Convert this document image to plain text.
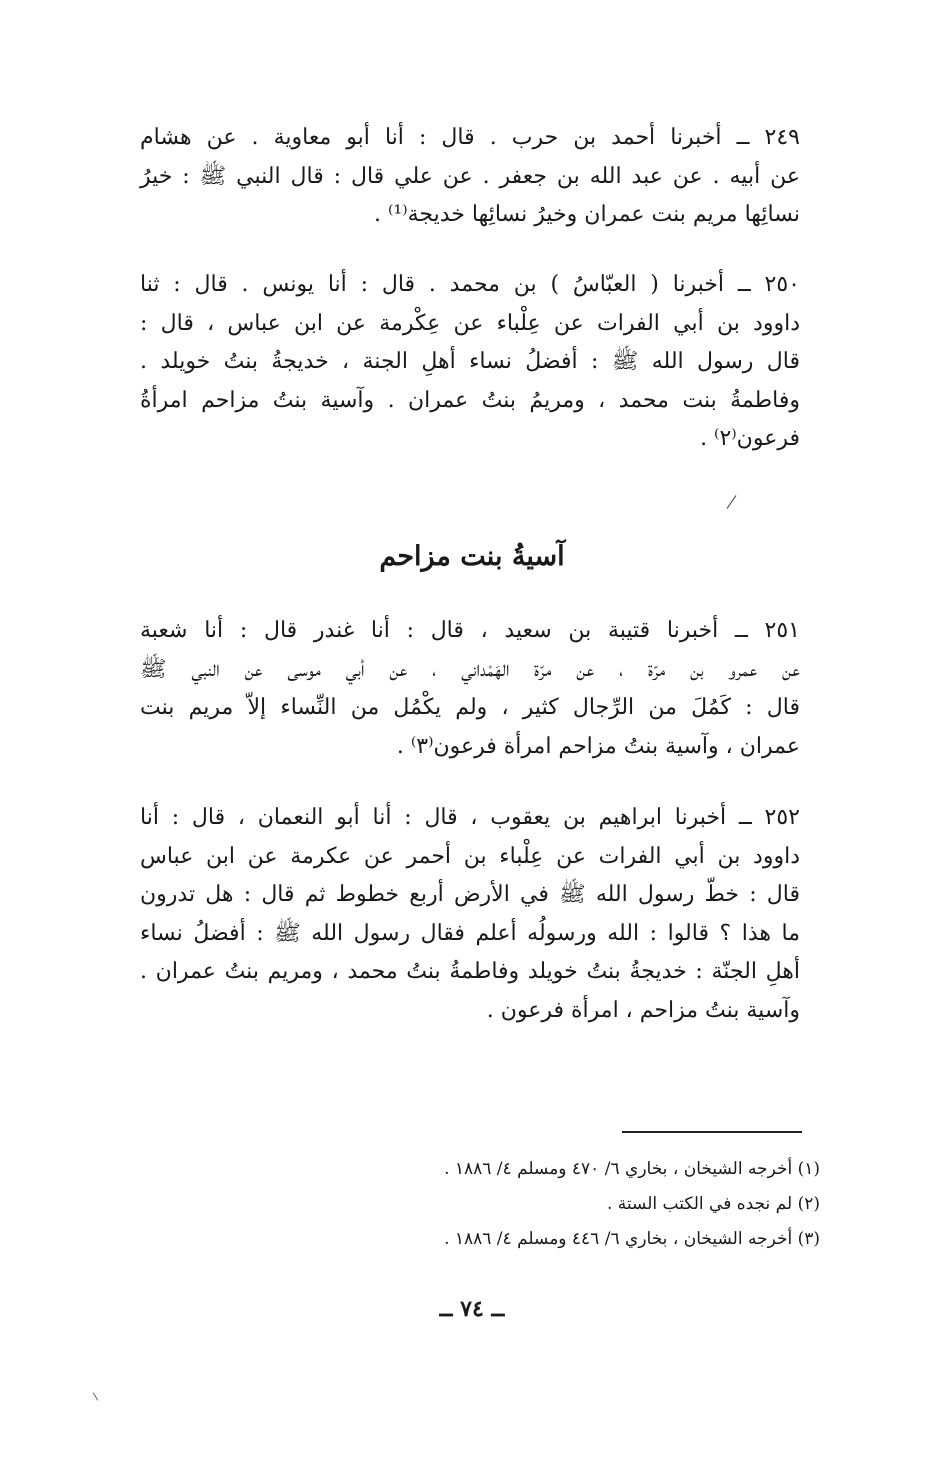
٢٤٩ ــ أخبرنا أحمد بن حرب . قال : أنا أبو معاوية . عن هشام
عن أبيه . عن عبد الله بن جعفر . عن علي قال : قال النبي ﷺ : خيرُ
نسائِها مريم بنت عمران وخيرُ نسائِها خديجة⁽¹⁾ .
٢٥٠ ــ أخبرنا ( العبّاسُ ) بن محمد . قال : أنا يونس . قال : ثنا
داوود بن أبي الفرات عن عِلْباء عن عِكْرمة عن ابن عباس ، قال :
قال رسول الله ﷺ : أفضلُ نساء أهلِ الجنة ، خديجةُ بنتُ خويلد .
وفاطمةُ بنت محمد ، ومريمُ بنتُ عمران . وآسية بنتُ مزاحم امرأةُ
فرعون⁽٢⁾ .
آسيةُ بنت مزاحم
٢٥١ ــ أخبرنا قتيبة بن سعيد ، قال : أنا غندر قال : أنا شعبة
عن عمرو بن مرّة ، عن مرّة الهَمْداني ، عن أبي موسى عن النبي ﷺ
قال : كَمُلَ من الرِّجال كثير ، ولم يكْمُل من النِّساء إلاّ مريم بنت
عمران ، وآسية بنتُ مزاحم امرأة فرعون⁽٣⁾ .
٢٥٢ ــ أخبرنا ابراهيم بن يعقوب ، قال : أنا أبو النعمان ، قال : أنا
داوود بن أبي الفرات عن عِلْباء بن أحمر عن عكرمة عن ابن عباس
قال : خطّ رسول الله ﷺ في الأرض أربع خطوط ثم قال : هل تدرون
ما هذا ؟ قالوا : الله ورسولُه أعلم فقال رسول الله ﷺ : أفضلُ نساء
أهلِ الجنّة : خديجةُ بنتُ خويلد وفاطمةُ بنتُ محمد ، ومريم بنتُ عمران .
وآسية بنتُ مزاحم ، امرأة فرعون .
(١) أخرجه الشيخان ، بخاري ٦/ ٤٧٠ ومسلم ٤/ ١٨٨٦ .
(٢) لم نجده في الكتب الستة .
(٣) أخرجه الشيخان ، بخاري ٦/ ٤٤٦ ومسلم ٤/ ١٨٨٦ .
ــ ٧٤ ــ
